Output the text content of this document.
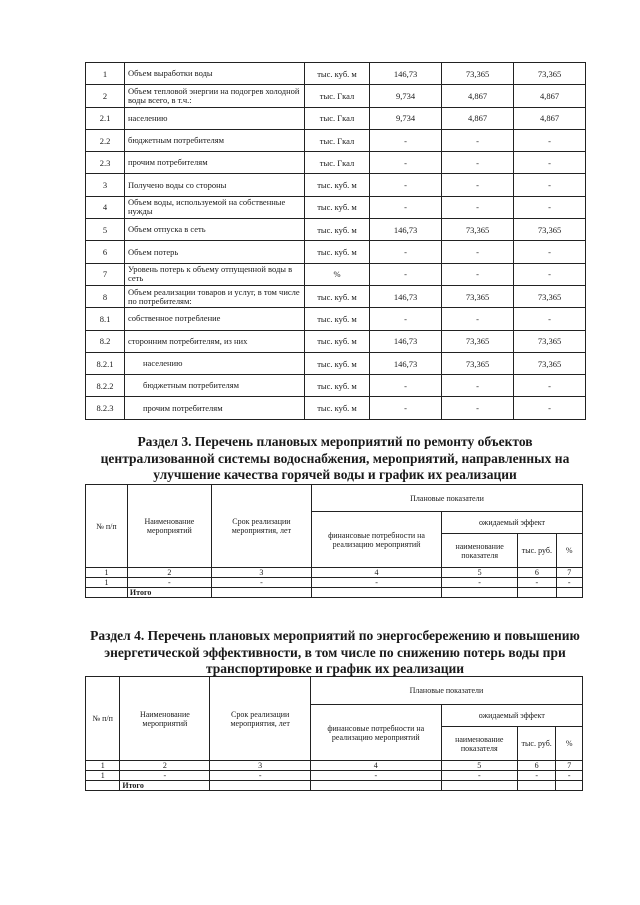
1	Объем выработки воды	тыс. куб. м	146,73	73,365	73,365
2	Объем тепловой энергии на подогрев холодной воды всего, в т.ч.:	тыс. Гкал	9,734	4,867	4,867
2.1	населению	тыс. Гкал	9,734	4,867	4,867
2.2	бюджетным потребителям	тыс. Гкал	-	-	-
2.3	прочим потребителям	тыс. Гкал	-	-	-
3	Получено воды со стороны	тыс. куб. м	-	-	-
4	Объем воды, используемой на собственные нужды	тыс. куб. м	-	-	-
5	Объем отпуска в сеть	тыс. куб. м	146,73	73,365	73,365
6	Объем потерь	тыс. куб. м	-	-	-
7	Уровень потерь к объему отпущенной воды в сеть	%	-	-	-
8	Объем реализации товаров и услуг, в том числе по потребителям:	тыс. куб. м	146,73	73,365	73,365
8.1	собственное потребление	тыс. куб. м	-	-	-
8.2	сторонним потребителям, из них	тыс. куб. м	146,73	73,365	73,365
8.2.1	населению	тыс. куб. м	146,73	73,365	73,365
8.2.2	бюджетным потребителям	тыс. куб. м	-	-	-
8.2.3	прочим потребителям	тыс. куб. м	-	-	-
Раздел 3. Перечень плановых мероприятий по ремонту объектов централизованной системы водоснабжения, мероприятий, направленных на улучшение качества горячей воды и график их реализации
№ п/п	Наименование мероприятий	Срок реализации мероприятия, лет	Плановые показатели			
			финансовые потребности на реализацию мероприятий	ожидаемый эффект		
				наименование показателя	тыс. руб.	%
1	2	3	4	5	6	7
1	-	-	-	-	-	-
	Итого					
Раздел 4. Перечень плановых мероприятий по энергосбережению и повышению энергетической эффективности, в том числе по снижению потерь воды при транспортировке и график их реализации
№ п/п	Наименование мероприятий	Срок реализации мероприятия, лет	Плановые показатели			
			финансовые потребности на реализацию мероприятий	ожидаемый эффект		
				наименование показателя	тыс. руб.	%
1	2	3	4	5	6	7
1	-	-	-	-	-	-
	Итого					
